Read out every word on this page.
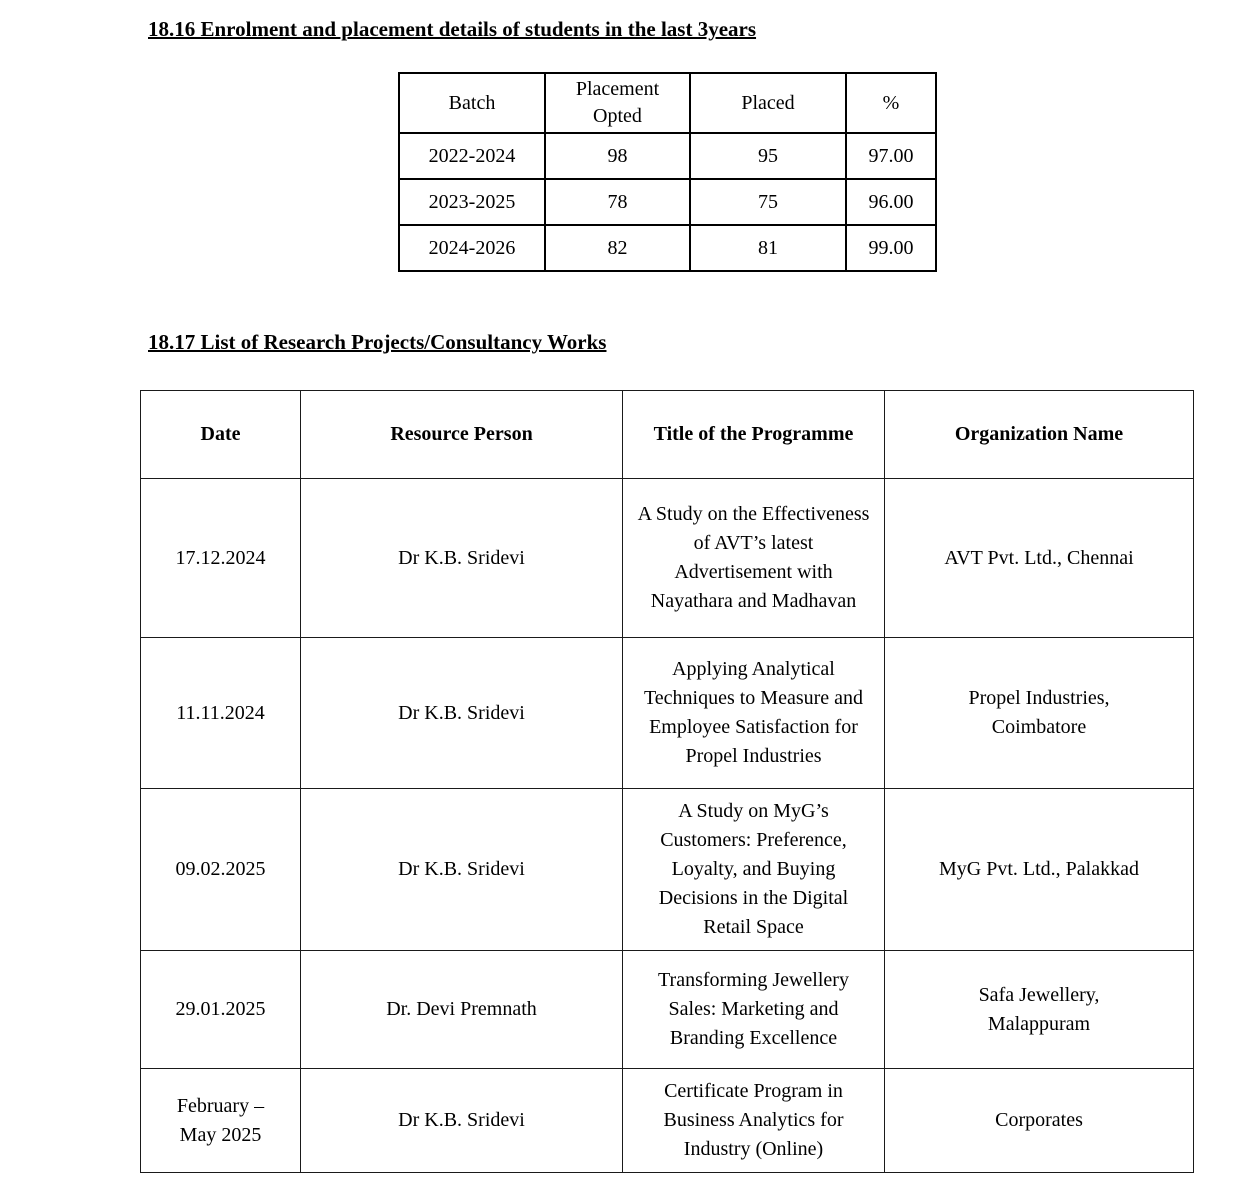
18.16 Enrolment and placement details of students in the last 3years
Batch	Placement Opted	Placed	%
2022-2024	98	95	97.00
2023-2025	78	75	96.00
2024-2026	82	81	99.00
18.17 List of Research Projects/Consultancy Works
Date	Resource Person	Title of the Programme	Organization Name
17.12.2024	Dr K.B. Sridevi	A Study on the Effectiveness of AVT’s latest Advertisement with Nayathara and Madhavan	AVT Pvt. Ltd., Chennai
11.11.2024	Dr K.B. Sridevi	Applying Analytical Techniques to Measure and Employee Satisfaction for Propel Industries	Propel Industries, Coimbatore
09.02.2025	Dr K.B. Sridevi	A Study on MyG’s Customers: Preference, Loyalty, and Buying Decisions in the Digital Retail Space	MyG Pvt. Ltd., Palakkad
29.01.2025	Dr. Devi Premnath	Transforming Jewellery Sales: Marketing and Branding Excellence	Safa Jewellery, Malappuram
February – May 2025	Dr K.B. Sridevi	Certificate Program in Business Analytics for Industry (Online)	Corporates
